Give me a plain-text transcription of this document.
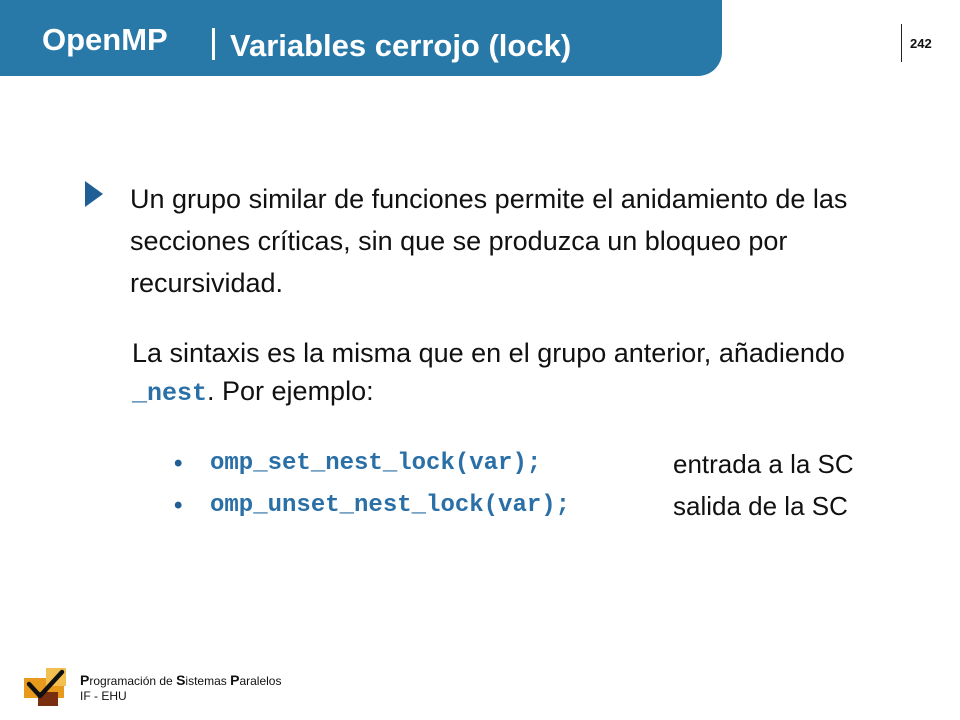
OpenMP Variables cerrojo (lock)	242
Un grupo similar de funciones permite el anidamiento de las secciones críticas, sin que se produzca un bloqueo por recursividad.
La sintaxis es la misma que en el grupo anterior, añadiendo _nest. Por ejemplo:
• omp_set_nest_lock(var);	entrada a la SC
• omp_unset_nest_lock(var);	salida de la SC
Programación de Sistemas Paralelos
IF - EHU
